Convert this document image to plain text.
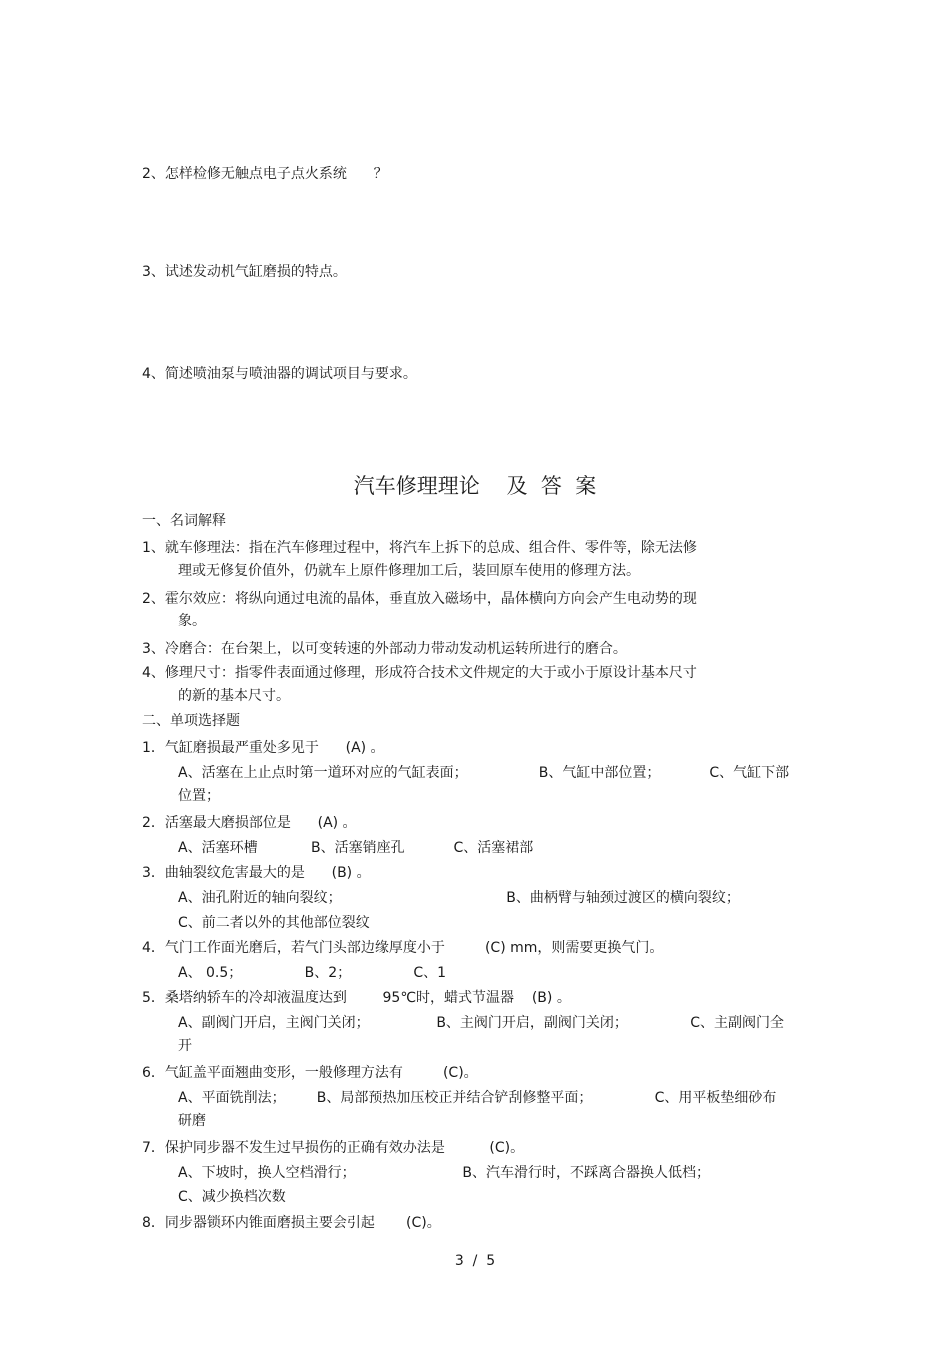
2、怎样检修无触点电子点火系统      ？
3、试述发动机气缸磨损的特点。
4、简述喷油泵与喷油器的调试项目与要求。
汽车修理理论    及  答  案
一、名词解释
1、就车修理法：指在汽车修理过程中，将汽车上拆下的总成、组合件、零件等，除无法修
理或无修复价值外，仍就车上原件修理加工后，装回原车使用的修理方法。
2、霍尔效应：将纵向通过电流的晶体，垂直放入磁场中，晶体横向方向会产生电动势的现
象。
3、冷磨合：在台架上，以可变转速的外部动力带动发动机运转所进行的磨合。
4、修理尺寸：指零件表面通过修理，形成符合技术文件规定的大于或小于原设计基本尺寸
的新的基本尺寸。
二、单项选择题
1．气缸磨损最严重处多见于      (A) 。
A、活塞在上止点时第一道环对应的气缸表面；                B、气缸中部位置；           C、气缸下部
位置；
2．活塞最大磨损部位是      (A) 。
A、活塞环槽            B、活塞销座孔           C、活塞裙部
3．曲轴裂纹危害最大的是      (B) 。
A、油孔附近的轴向裂纹；                                     B、曲柄臂与轴颈过渡区的横向裂纹；
C、前二者以外的其他部位裂纹
4．气门工作面光磨后，若气门头部边缘厚度小于         (C) mm，则需要更换气门。
A、 0.5；              B、2；              C、1
5．桑塔纳轿车的冷却液温度达到        95℃时，蜡式节温器    (B) 。
A、副阀门开启，主阀门关闭；               B、主阀门开启，副阀门关闭；              C、主副阀门全
开
6．气缸盖平面翘曲变形，一般修理方法有         (C)。
A、平面铣削法；       B、局部预热加压校正并结合铲刮修整平面；              C、用平板垫细砂布
研磨
7．保护同步器不发生过早损伤的正确有效办法是          (C)。
A、下坡时，换人空档滑行；                        B、汽车滑行时，不踩离合器换人低档；
C、减少换档次数
8．同步器锁环内锥面磨损主要会引起       (C)。
3  /  5
